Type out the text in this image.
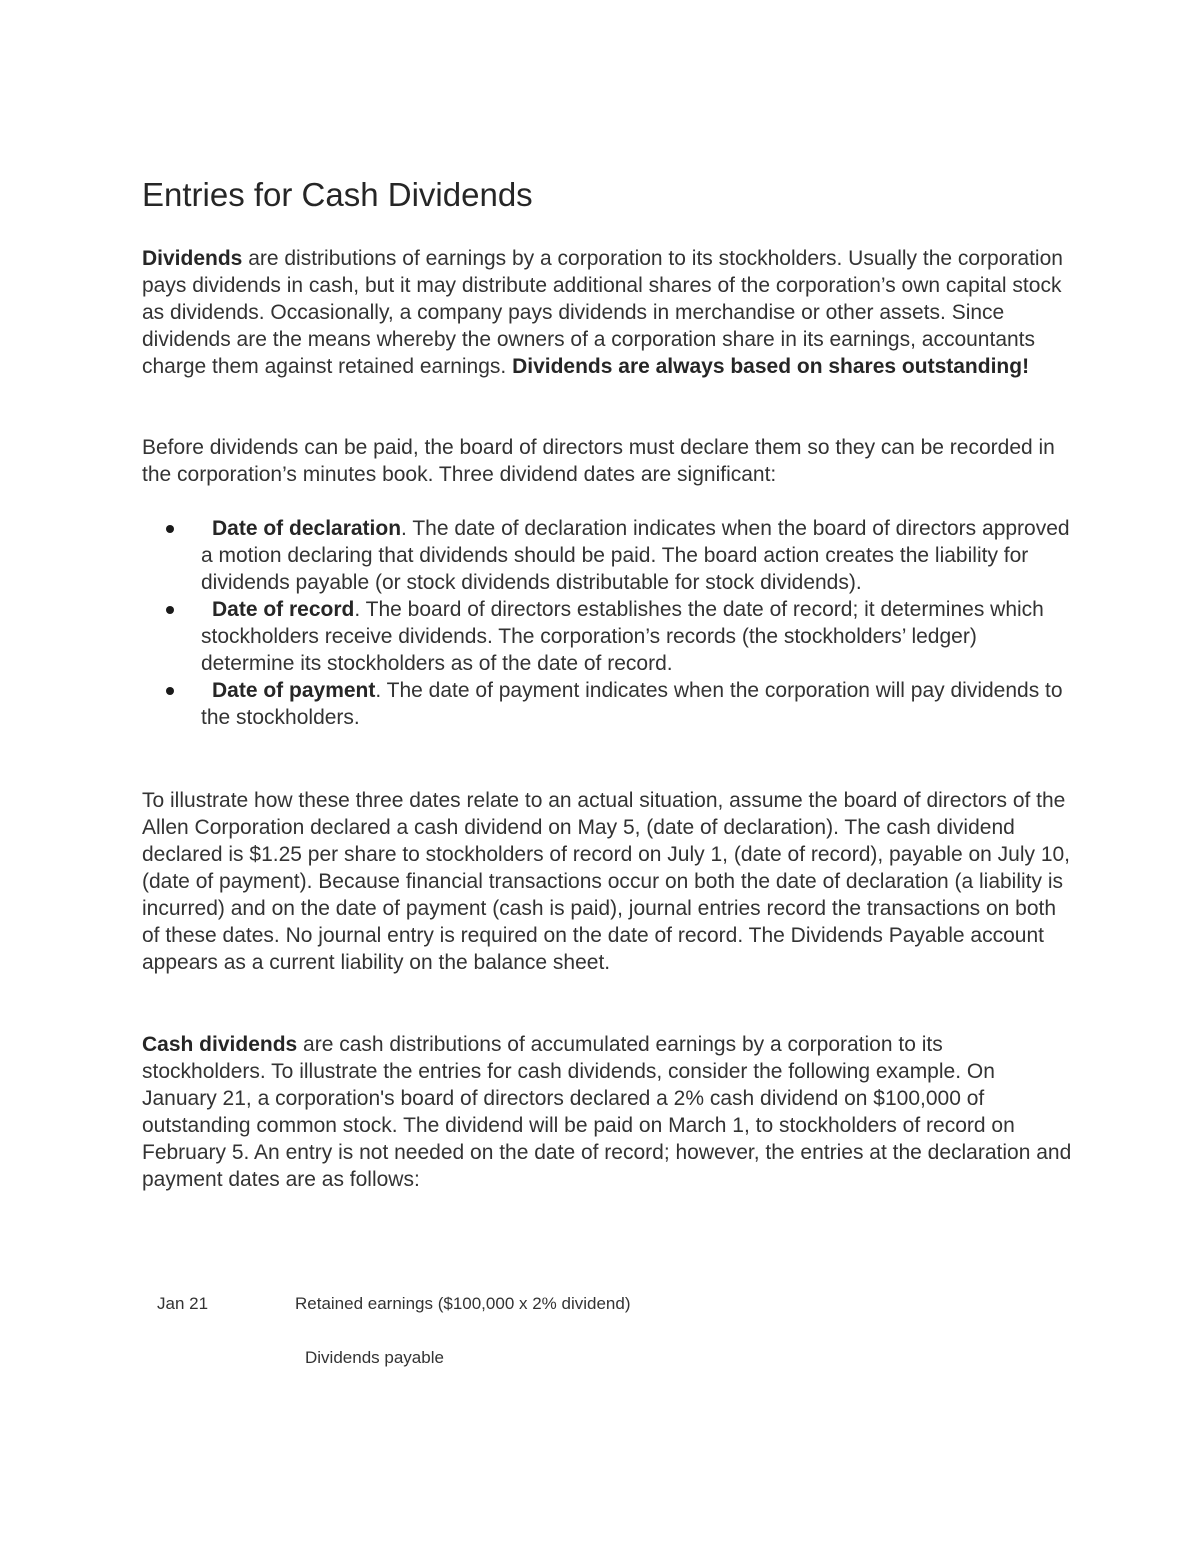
Entries for Cash Dividends

Dividends are distributions of earnings by a corporation to its stockholders. Usually the corporation pays dividends in cash, but it may distribute additional shares of the corporation’s own capital stock as dividends. Occasionally, a company pays dividends in merchandise or other assets. Since dividends are the means whereby the owners of a corporation share in its earnings, accountants charge them against retained earnings. Dividends are always based on shares outstanding!

Before dividends can be paid, the board of directors must declare them so they can be recorded in the corporation’s minutes book. Three dividend dates are significant:

Date of declaration. The date of declaration indicates when the board of directors approved a motion declaring that dividends should be paid. The board action creates the liability for dividends payable (or stock dividends distributable for stock dividends).
Date of record. The board of directors establishes the date of record; it determines which stockholders receive dividends. The corporation’s records (the stockholders’ ledger) determine its stockholders as of the date of record.
Date of payment. The date of payment indicates when the corporation will pay dividends to the stockholders.

To illustrate how these three dates relate to an actual situation, assume the board of directors of the Allen Corporation declared a cash dividend on May 5, (date of declaration). The cash dividend declared is $1.25 per share to stockholders of record on July 1, (date of record), payable on July 10, (date of payment). Because financial transactions occur on both the date of declaration (a liability is incurred) and on the date of payment (cash is paid), journal entries record the transactions on both of these dates. No journal entry is required on the date of record. The Dividends Payable account appears as a current liability on the balance sheet.

Cash dividends are cash distributions of accumulated earnings by a corporation to its stockholders. To illustrate the entries for cash dividends, consider the following example. On January 21, a corporation's board of directors declared a 2% cash dividend on $100,000 of outstanding common stock. The dividend will be paid on March 1, to stockholders of record on February 5. An entry is not needed on the date of record; however, the entries at the declaration and payment dates are as follows:

Jan 21	Retained earnings ($100,000 x 2% dividend)
Dividends payable
